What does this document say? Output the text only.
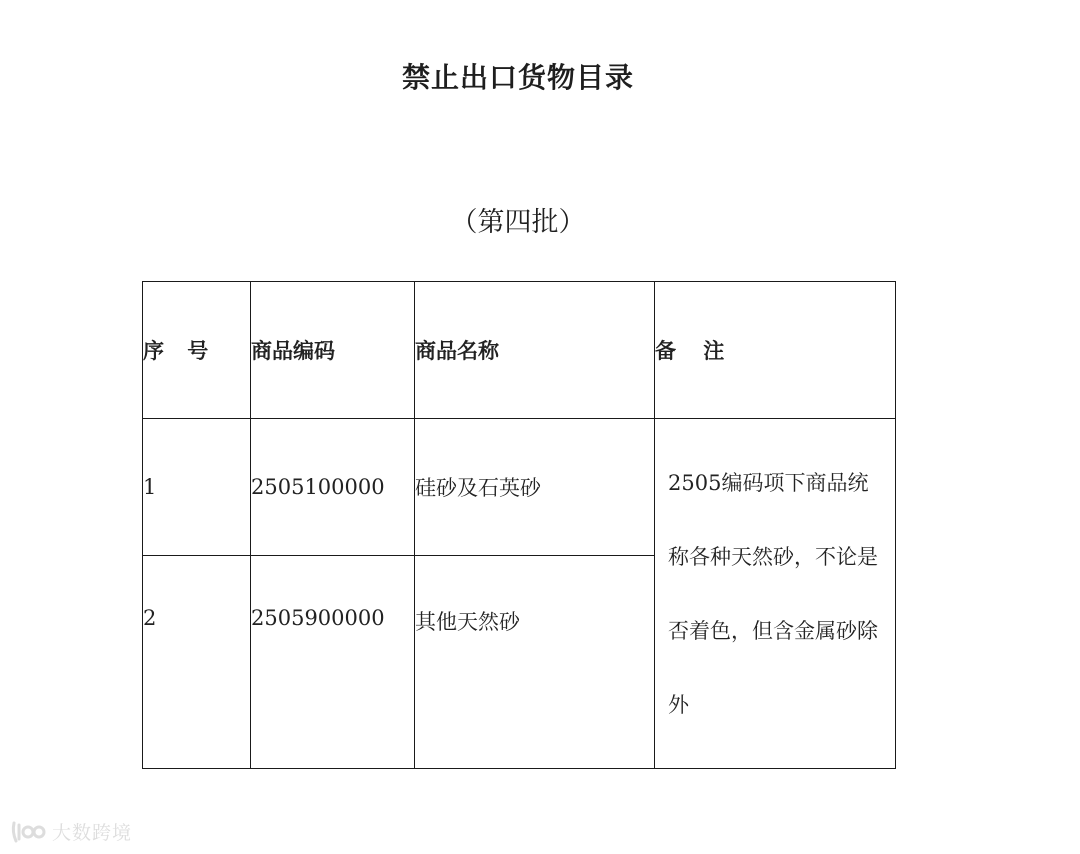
禁止出口货物目录
（第四批）
序 号	商品编码	商品名称	备 注
1	2505100000	硅砂及石英砂	2505编码项下商品统称各种天然砂，不论是否着色，但含金属砂除外

2	2505900000	其他天然砂	
大数跨境
